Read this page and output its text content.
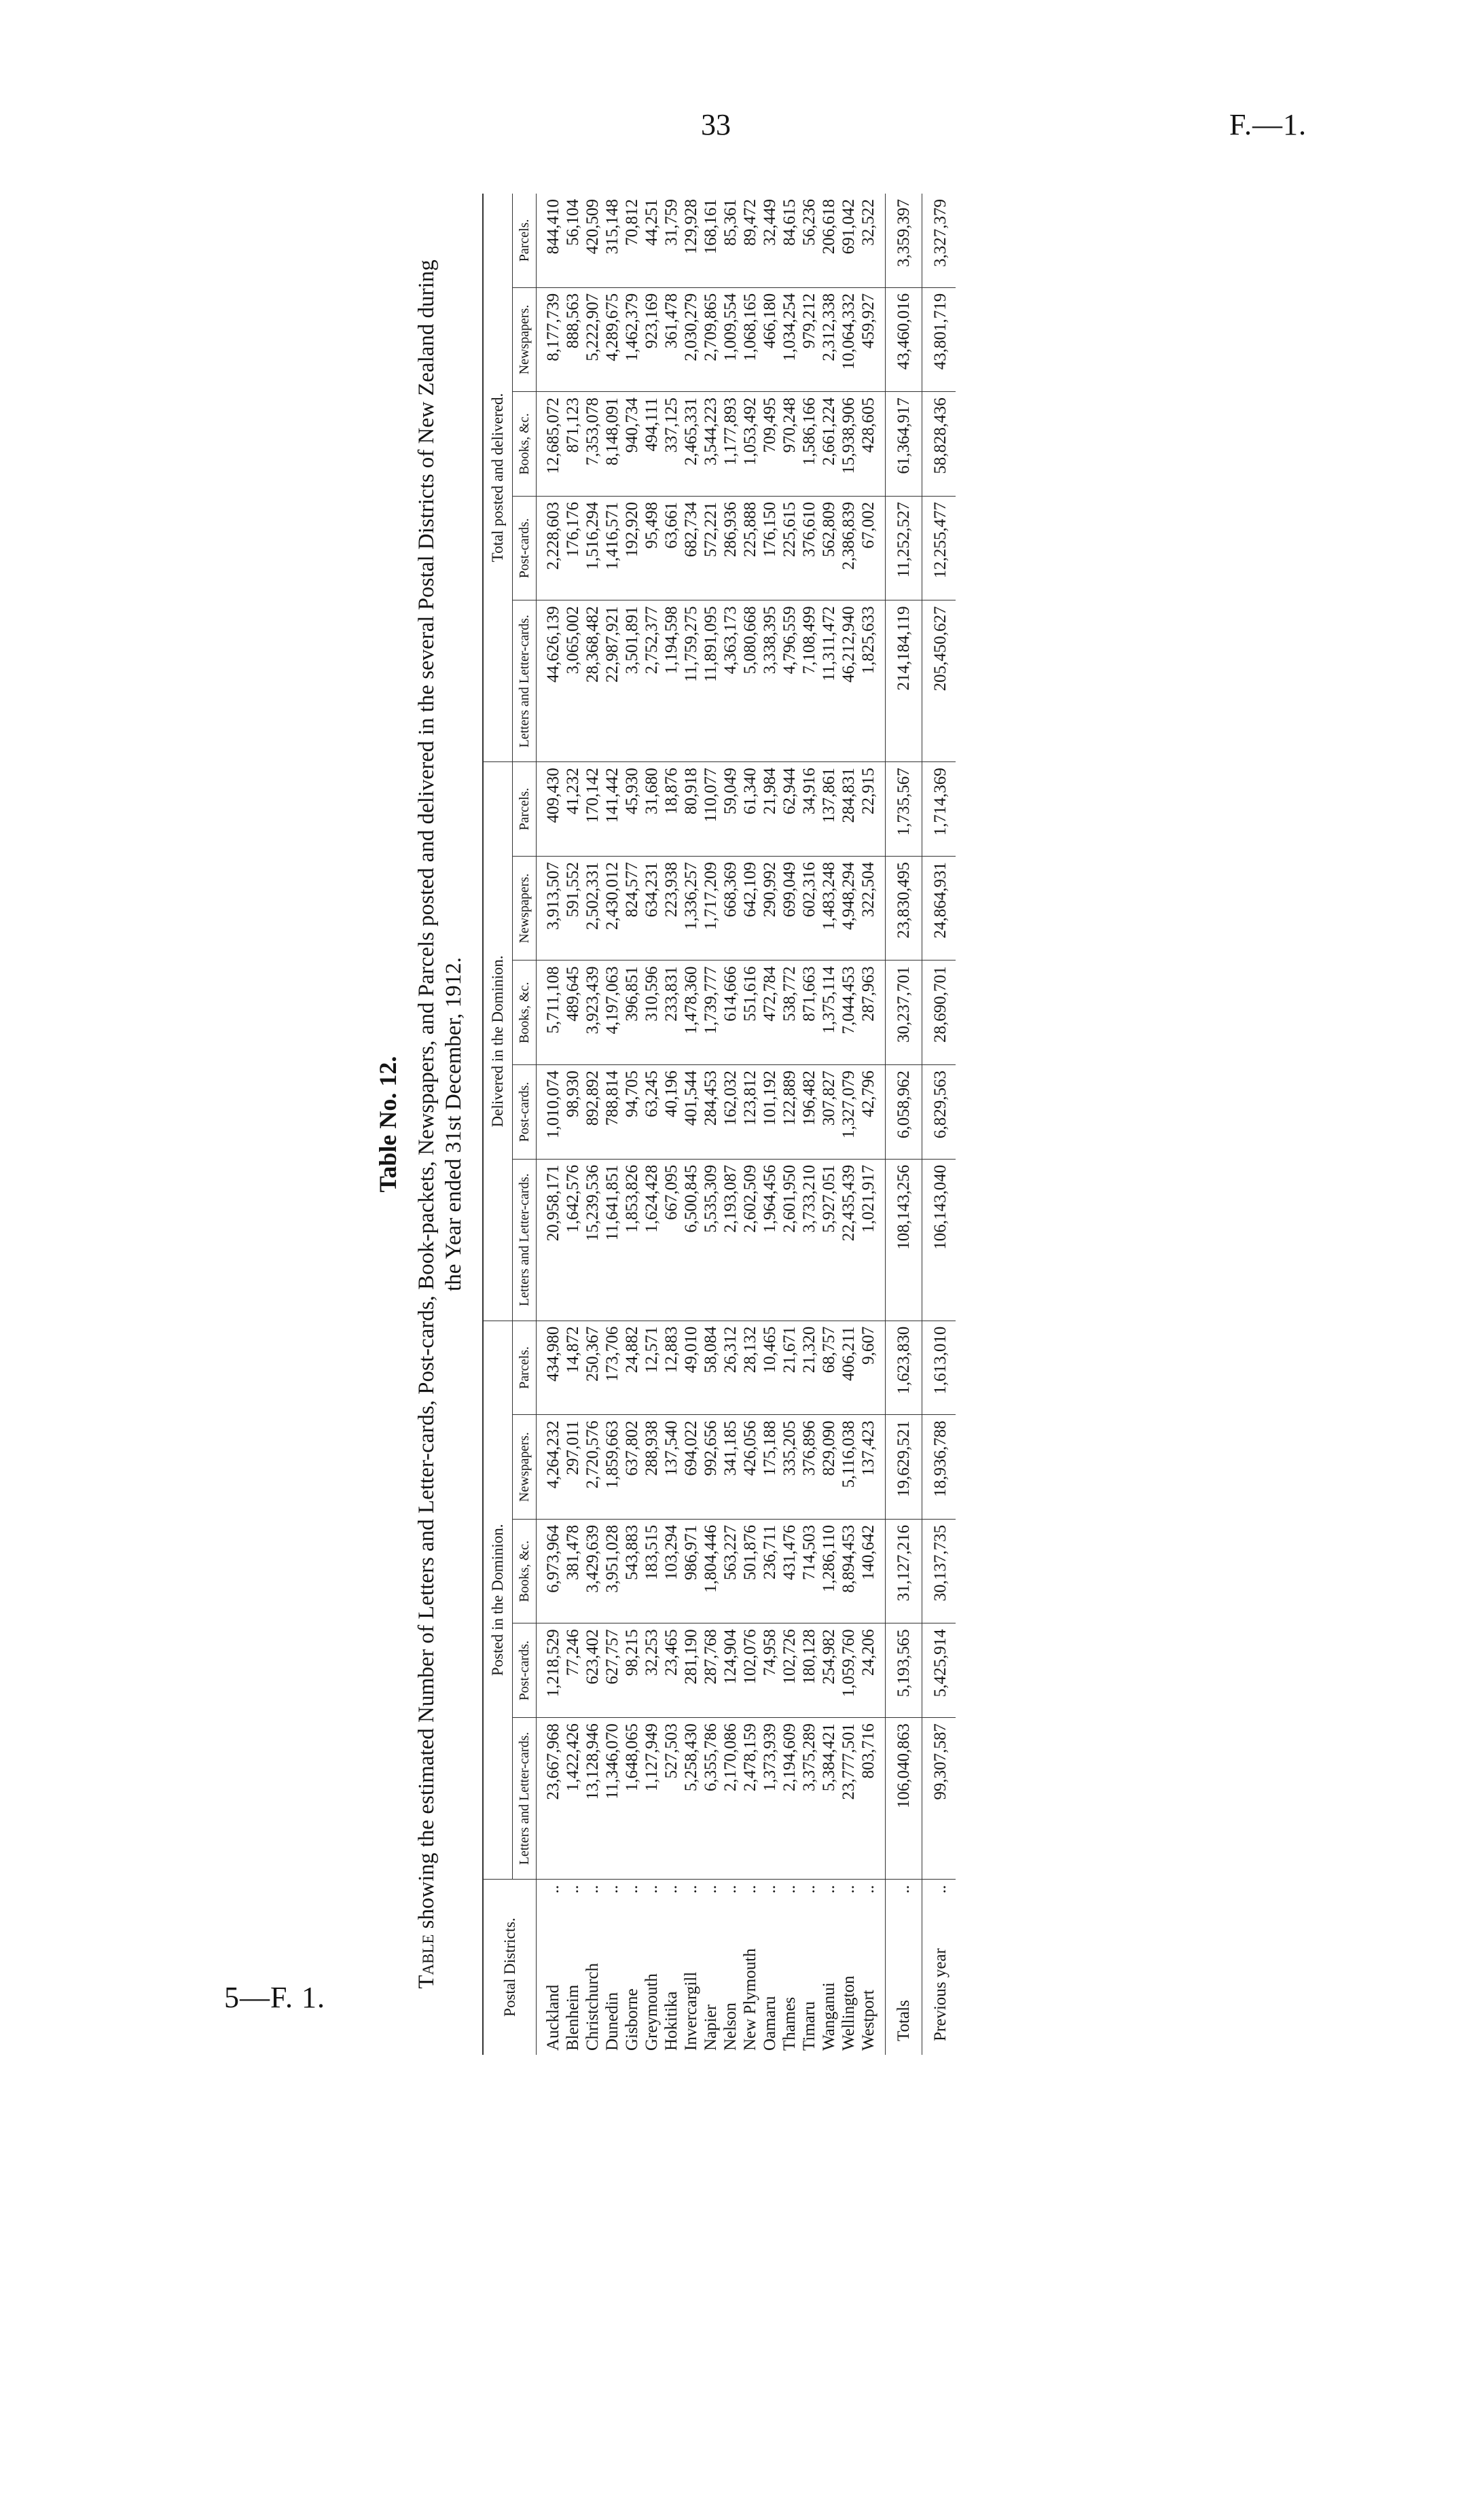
33	F.—1.
Table No. 12.
Table showing the estimated Number of Letters and Letter-cards, Post-cards, Book-packets, Newspapers, and Parcels posted and delivered in the several Postal Districts of New Zealand during the Year ended 31st December, 1912.
Postal Districts.	Posted in the Dominion.					Delivered in the Dominion.					Total posted and delivered.				
	Letters and Letter-cards.	Post-cards.	Books, &c.	Newspapers.	Parcels.	Letters and Letter-cards.	Post-cards.	Books, &c.	Newspapers.	Parcels.	Letters and Letter-cards.	Post-cards.	Books, &c.	Newspapers.	Parcels.
Auckland
..	23,667,968	1,218,529	6,973,964	4,264,232	434,980	20,958,171	1,010,074	5,711,108	3,913,507	409,430	44,626,139	2,228,603	12,685,072	8,177,739	844,410
Blenheim
..	1,422,426	77,246	381,478	297,011	14,872	1,642,576	98,930	489,645	591,552	41,232	3,065,002	176,176	871,123	888,563	56,104
Christchurch
..	13,128,946	623,402	3,429,639	2,720,576	250,367	15,239,536	892,892	3,923,439	2,502,331	170,142	28,368,482	1,516,294	7,353,078	5,222,907	420,509
Dunedin
..	11,346,070	627,757	3,951,028	1,859,663	173,706	11,641,851	788,814	4,197,063	2,430,012	141,442	22,987,921	1,416,571	8,148,091	4,289,675	315,148
Gisborne
..	1,648,065	98,215	543,883	637,802	24,882	1,853,826	94,705	396,851	824,577	45,930	3,501,891	192,920	940,734	1,462,379	70,812
Greymouth
..	1,127,949	32,253	183,515	288,938	12,571	1,624,428	63,245	310,596	634,231	31,680	2,752,377	95,498	494,111	923,169	44,251
Hokitika
..	527,503	23,465	103,294	137,540	12,883	667,095	40,196	233,831	223,938	18,876	1,194,598	63,661	337,125	361,478	31,759
Invercargill
..	5,258,430	281,190	986,971	694,022	49,010	6,500,845	401,544	1,478,360	1,336,257	80,918	11,759,275	682,734	2,465,331	2,030,279	129,928
Napier
..	6,355,786	287,768	1,804,446	992,656	58,084	5,535,309	284,453	1,739,777	1,717,209	110,077	11,891,095	572,221	3,544,223	2,709,865	168,161
Nelson
..	2,170,086	124,904	563,227	341,185	26,312	2,193,087	162,032	614,666	668,369	59,049	4,363,173	286,936	1,177,893	1,009,554	85,361
New Plymouth
..	2,478,159	102,076	501,876	426,056	28,132	2,602,509	123,812	551,616	642,109	61,340	5,080,668	225,888	1,053,492	1,068,165	89,472
Oamaru
..	1,373,939	74,958	236,711	175,188	10,465	1,964,456	101,192	472,784	290,992	21,984	3,338,395	176,150	709,495	466,180	32,449
Thames
..	2,194,609	102,726	431,476	335,205	21,671	2,601,950	122,889	538,772	699,049	62,944	4,796,559	225,615	970,248	1,034,254	84,615
Timaru
..	3,375,289	180,128	714,503	376,896	21,320	3,733,210	196,482	871,663	602,316	34,916	7,108,499	376,610	1,586,166	979,212	56,236
Wanganui
..	5,384,421	254,982	1,286,110	829,090	68,757	5,927,051	307,827	1,375,114	1,483,248	137,861	11,311,472	562,809	2,661,224	2,312,338	206,618
Wellington
..	23,777,501	1,059,760	8,894,453	5,116,038	406,211	22,435,439	1,327,079	7,044,453	4,948,294	284,831	46,212,940	2,386,839	15,938,906	10,064,332	691,042
Westport
..	803,716	24,206	140,642	137,423	9,607	1,021,917	42,796	287,963	322,504	22,915	1,825,633	67,002	428,605	459,927	32,522
Totals
..	106,040,863	5,193,565	31,127,216	19,629,521	1,623,830	108,143,256	6,058,962	30,237,701	23,830,495	1,735,567	214,184,119	11,252,527	61,364,917	43,460,016	3,359,397
Previous year
..	99,307,587	5,425,914	30,137,735	18,936,788	1,613,010	106,143,040	6,829,563	28,690,701	24,864,931	1,714,369	205,450,627	12,255,477	58,828,436	43,801,719	3,327,379
5—F. 1.
